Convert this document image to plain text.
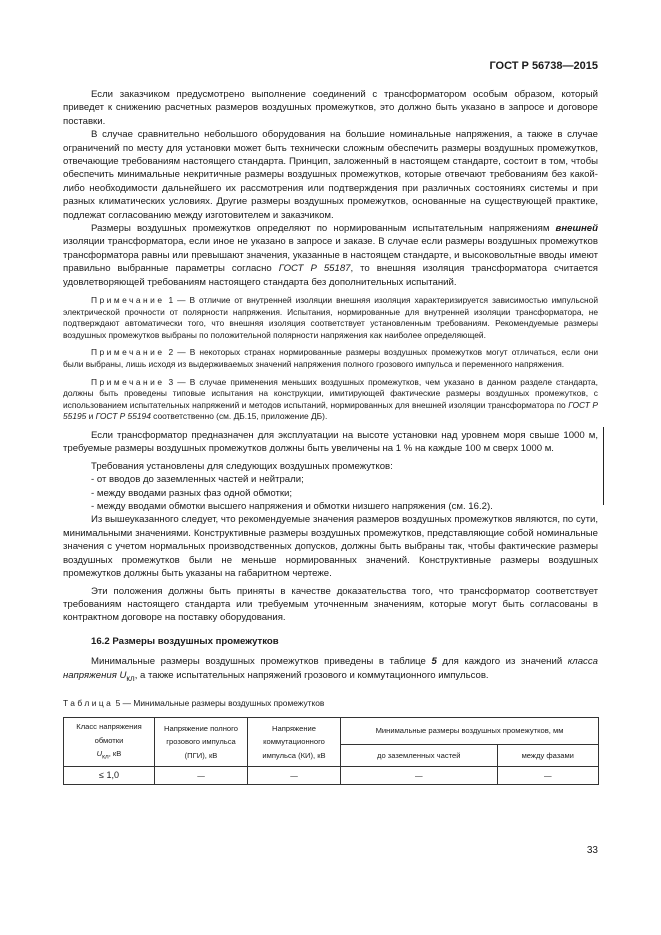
ГОСТ Р 56738—2015

Если заказчиком предусмотрено выполнение соединений с трансформатором особым образом, который приведет к снижению расчетных размеров воздушных промежутков, это должно быть указано в запросе и договоре поставки.

В случае сравнительно небольшого оборудования на большие номинальные напряжения, а также в случае ограничений по месту для установки может быть технически сложным обеспечить размеры воздушных промежутков, отвечающие требованиям настоящего стандарта. Принцип, заложенный в настоящем стандарте, состоит в том, чтобы обеспечить минимальные некритичные размеры воздушных промежутков, которые отвечают требованиям без какой-либо необходимости дальнейшего их рассмотрения или подтверждения при различных состояниях системы и при разных климатических условиях. Другие размеры воздушных промежутков, основанные на существующей практике, подлежат согласованию между изготовителем и заказчиком.

Размеры воздушных промежутков определяют по нормированным испытательным напряжениям внешней изоляции трансформатора, если иное не указано в запросе и заказе. В случае если размеры воздушных промежутков трансформатора равны или превышают значения, указанные в настоящем стандарте, и высоковольтные вводы имеют правильно выбранные параметры согласно ГОСТ Р 55187, то внешняя изоляция трансформатора считается удовлетворяющей требованиям настоящего стандарта без дополнительных испытаний.

Примечание 1 — В отличие от внутренней изоляции внешняя изоляция характеризируется зависимостью импульсной электрической прочности от полярности напряжения. Испытания, нормированные для внутренней изоляции трансформатора, не подтверждают автоматически того, что внешняя изоляция соответствует установленным требованиям. Рекомендуемые размеры воздушных промежутков выбраны по положительной полярности напряжения как наиболее определяющей.

Примечание 2 — В некоторых странах нормированные размеры воздушных промежутков могут отличаться, если они были выбраны, лишь исходя из выдерживаемых значений напряжения полного грозового импульса и переменного напряжения.

Примечание 3 — В случае применения меньших воздушных промежутков, чем указано в данном разделе стандарта, должны быть проведены типовые испытания на конструкции, имитирующей фактические размеры воздушных промежутков, с использованием испытательных напряжений и методов испытаний, нормированных для внешней изоляции трансформатора по ГОСТ Р 55195 и ГОСТ Р 55194 соответственно (см. ДБ.15, приложение ДБ).

Если трансформатор предназначен для эксплуатации на высоте установки над уровнем моря свыше 1000 м, требуемые размеры воздушных промежутков должны быть увеличены на 1 % на каждые 100 м сверх 1000 м.

Требования установлены для следующих воздушных промежутков:

- от вводов до заземленных частей и нейтрали;

- между вводами разных фаз одной обмотки;

- между вводами обмотки высшего напряжения и обмотки низшего напряжения (см. 16.2).

Из вышеуказанного следует, что рекомендуемые значения размеров воздушных промежутков являются, по сути, минимальными значениями. Конструктивные размеры воздушных промежутков, представляющие собой номинальные значения с учетом нормальных производственных допусков, должны быть выбраны так, чтобы фактические размеры воздушных промежутков были не меньше нормированных значений. Конструктивные размеры воздушных промежутков должны быть указаны на габаритном чертеже.

Эти положения должны быть приняты в качестве доказательства того, что трансформатор соответствует требованиям настоящего стандарта или требуемым уточненным значениям, которые могут быть согласованы в контрактном договоре на поставку оборудования.

16.2 Размеры воздушных промежутков

Минимальные размеры воздушных промежутков приведены в таблице 5 для каждого из значений класса напряжения $U_{кл}$, а также испытательных напряжений грозового и коммутационного импульсов.

Таблица 5 — Минимальные размеры воздушных промежутков
Класс напряжения обмотки
$U_{кл}$, кВ	Напряжение полного грозового импульса (ПГИ), кВ	Напряжение коммутационного импульса (КИ), кВ	Минимальные размеры воздушных промежутков, мм	
			до заземленных частей	между фазами
≤ 1,0	—	—	—	—
33
